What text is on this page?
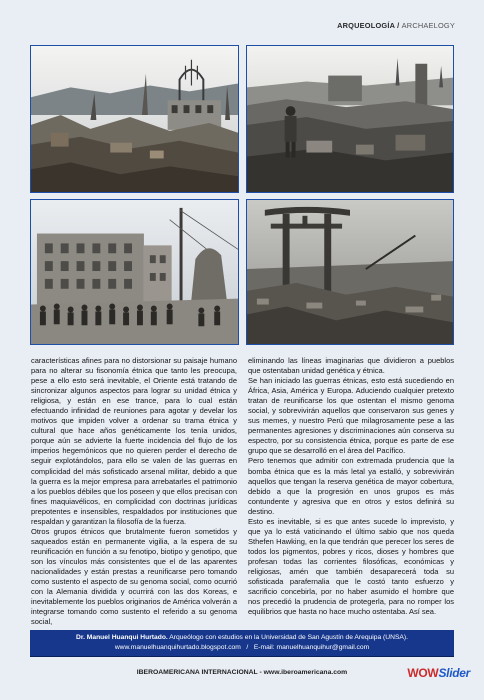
ARQUEOLOGÍA / ARCHAELOGY

características afines para no distorsionar su paisaje humano para no alterar su fisonomía étnica que tanto les preocupa, pese a ello esto será inevitable, el Oriente está tratando de sincronizar algunos aspectos para lograr su unidad étnica y religiosa, y están en ese trance, para lo cual están efectuando infinidad de reuniones para agotar y develar los motivos que impiden volver a ordenar su trama étnica y cultural que hace años genéticamente los tenía unidos, porque aún se advierte la fuerte incidencia del flujo de los imperios hegemónicos que no quieren perder el derecho de seguir explotándolos, para ello se valen de las guerras en complicidad del más sofisticado arsenal militar, debido a que la guerra es la mejor empresa para arrebatarles el patrimonio a los pueblos débiles que los poseen y que ellos precisan con fines maquiavélicos, en complicidad con doctrinas jurídicas prepotentes e insensibles, respaldados por instituciones que respaldan y garantizan la filosofía de la fuerza.

Otros grupos étnicos que brutalmente fueron sometidos y saqueados están en permanente vigilia, a la espera de su reunificación en función a su fenotipo, biotipo y genotipo, que son los vínculos más consistentes que el de las aparentes nacionalidades y están prestas a reunificarse pero tomando como sustento el aspecto de su genoma social, como ocurrió con la Alemania dividida y ocurrirá con las dos Koreas, e inevitablemente los pueblos originarios de América volverán a integrarse tomando como sustento el referido a su genoma social,

eliminando las líneas imaginarias que dividieron a pueblos que ostentaban unidad genética y étnica.

Se han iniciado las guerras étnicas, esto está sucediendo en África, Asia, América y Europa. Aduciendo cualquier pretexto tratan de reunificarse los que ostentan el mismo genoma social, y sobrevivirán aquellos que conservaron sus genes y sus memes, y nuestro Perú que milagrosamente pese a las permanentes agresiones y discriminaciones aún conserva su espectro, por su consistencia étnica, porque es parte de ese grupo que se desarrolló en el área del Pacífico.

Pero tenemos que admitir con extremada prudencia que la bomba étnica que es la más letal ya estalló, y sobrevivirán aquellos que tengan la reserva genética de mayor cobertura, debido a que la progresión en unos grupos es más contundente y agresiva que en otros y estos definirá su destino.

Esto es inevitable, si es que antes sucede lo imprevisto, y que ya lo está vaticinando el último sabio que nos queda Sthefen Hawking, en la que tendrán que perecer los seres de todos los pigmentos, pobres y ricos, dioses y hombres que profesan todas las corrientes filosóficas, económicas y religiosas, amén que también desaparecerá toda su sofisticada parafernalia que le costó tanto esfuerzo y sacrificio concebirla, por no haber asumido el hombre que nos precedió la prudencia de protegerla, para no romper los equilibrios que hasta no hace mucho ostentaba. Así sea.

Dr. Manuel Huanqui Hurtado. Arqueólogo con estudios en la Universidad de San Agustín de Arequipa (UNSA).
www.manuelhuanquihurtado.blogspot.com   /   E-mail: manuelhuanquihur@gmail.com
IBEROAMERICANA INTERNACIONAL - www.iberoamericana.com	WOWSlider
